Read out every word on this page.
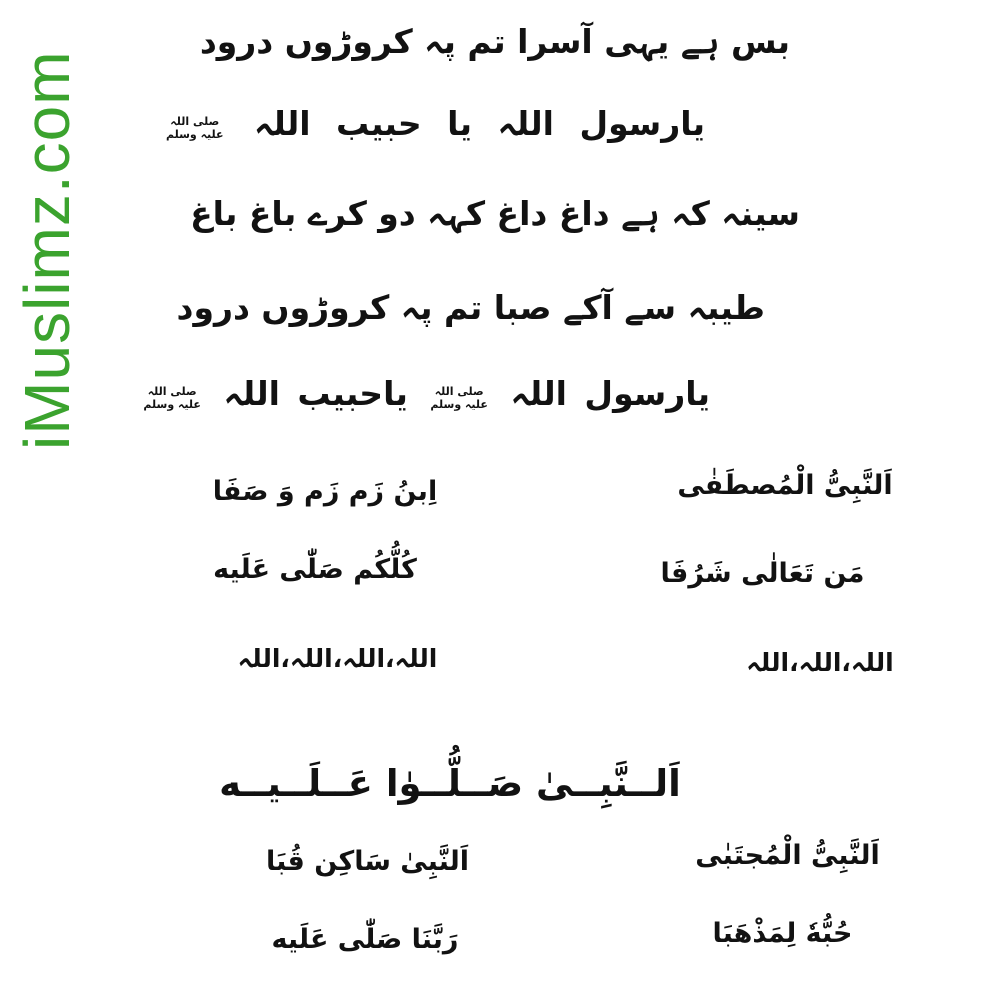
iMuslimz.com
بس ہے یہی آسرا تم پہ کروڑوں درود
یارسول اللہ یا حبیب اللہ
صلی اللہ
علیہ وسلم
سینہ کہ ہے داغ داغ کہہ دو کرے باغ باغ
طیبہ سے آکے صبا تم پہ کروڑوں درود
یارسول اللہ
صلی اللہ
علیہ وسلم
یاحبیب اللہ
صلی اللہ
علیہ وسلم
اَلنَّبِیُّ الْمُصطَفٰی
اِبنُ زَم زَم وَ صَفَا
مَن تَعَالٰی شَرُفَا
کُلُّکُم صَلّٰی عَلَیه
اللہ،اللہ،اللہ
اللہ،اللہ،اللہ،اللہ
اَلــنَّبِــیٰ صَــلُّــوٰا عَــلَــیــه
اَلنَّبِیُّ الْمُجتَبٰی
اَلنَّبِیٰ سَاکِن قُبَا
حُبُّهٗ لِمَذْهَبَا
رَبَّنَا صَلّٰی عَلَیه
